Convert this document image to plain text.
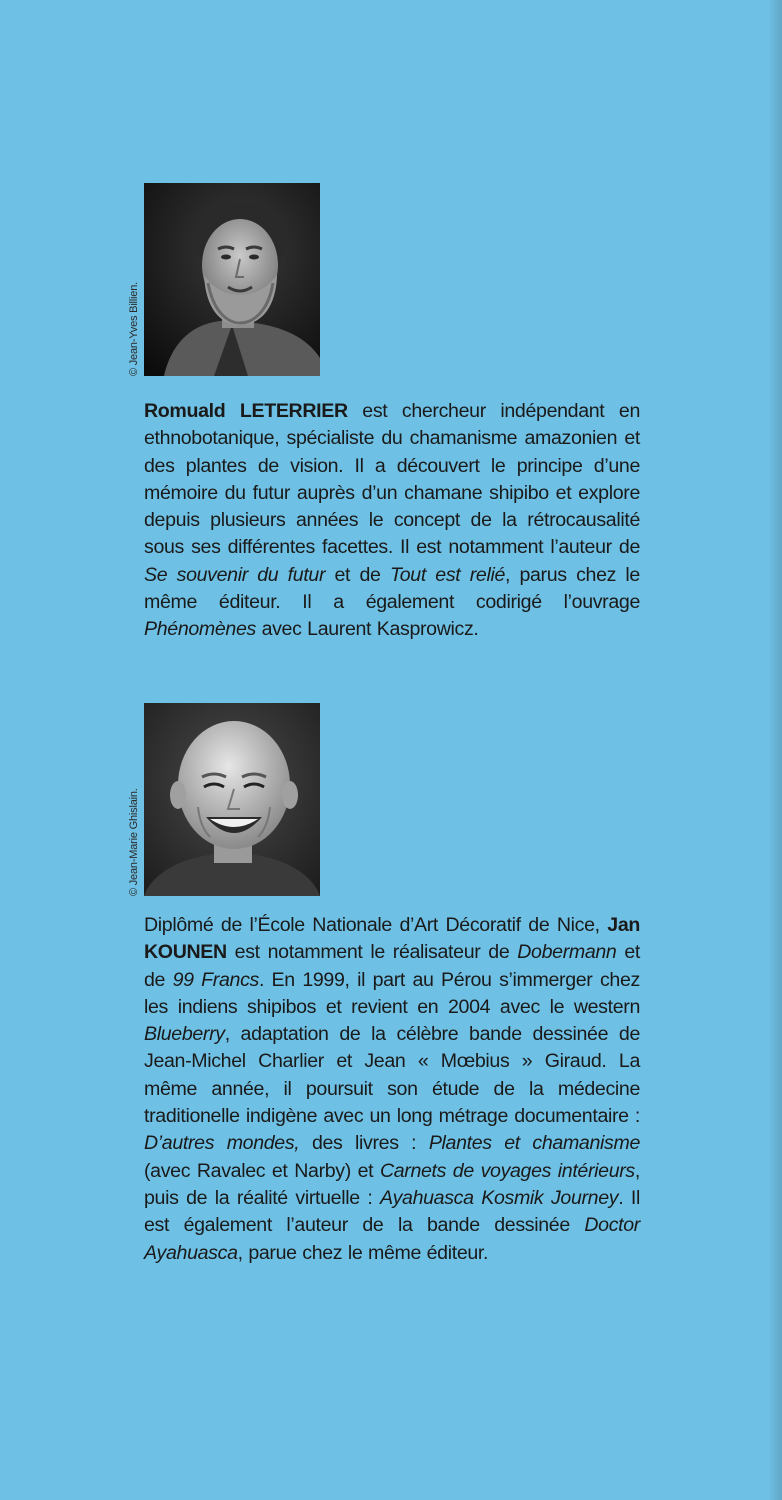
© Jean-Yves Billien.

Romuald LETERRIER est chercheur indépendant en ethnobotanique, spécialiste du chamanisme amazonien et des plantes de vision. Il a découvert le principe d’une mémoire du futur auprès d’un chamane shipibo et explore depuis plusieurs années le concept de la rétrocausalité sous ses différentes facettes. Il est notamment l’auteur de Se souvenir du futur et de Tout est relié, parus chez le même éditeur. Il a également codirigé l’ouvrage Phénomènes avec Laurent Kasprowicz.

© Jean-Marie Ghislain.

Diplômé de l’École Nationale d’Art Décoratif de Nice, Jan KOUNEN est notamment le réalisateur de Dobermann et de 99 Francs. En 1999, il part au Pérou s’immerger chez les indiens shipibos et revient en 2004 avec le western Blueberry, adaptation de la célèbre bande dessinée de Jean-Michel Charlier et Jean « Mœbius » Giraud. La même année, il poursuit son étude de la médecine traditionelle indigène avec un long métrage documentaire : D’autres mondes, des livres : Plantes et chamanisme (avec Ravalec et Narby) et Carnets de voyages intérieurs, puis de la réalité virtuelle : Ayahuasca Kosmik Journey. Il est également l’auteur de la bande dessinée Doctor Ayahuasca, parue chez le même éditeur.
